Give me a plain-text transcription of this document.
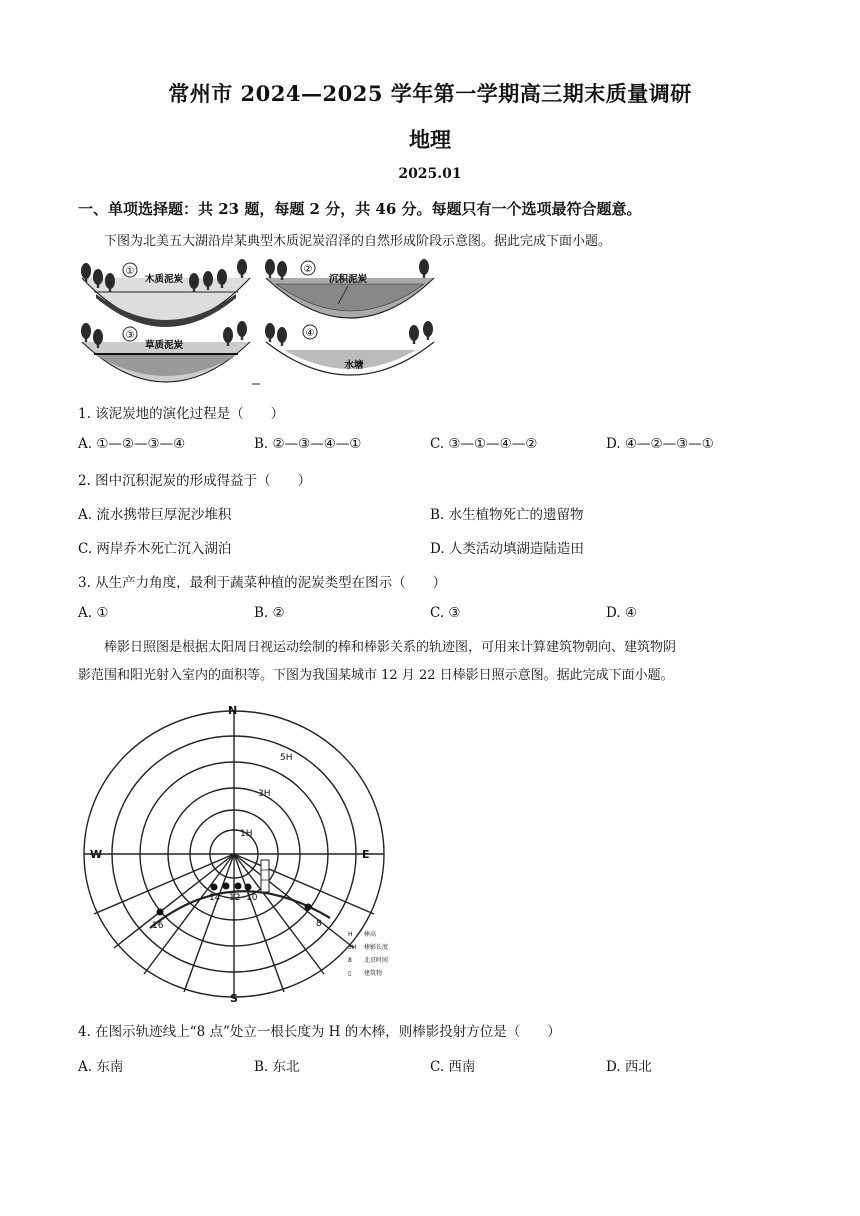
常州市 2024—2025 学年第一学期高三期末质量调研
地理
2025.01
一、单项选择题：共 23 题，每题 2 分，共 46 分。每题只有一个选项最符合题意。
下图为北美五大湖沿岸某典型木质泥炭沼泽的自然形成阶段示意图。据此完成下面小题。
①
木质泥炭
②
沉积泥炭
③
草质泥炭
④
水塘
1. 该泥炭地的演化过程是（　　）
A. ①—②—③—④	B. ②—③—④—①	C. ③—①—④—②	D. ④—②—③—①
2. 图中沉积泥炭的形成得益于（　　）
A. 流水携带巨厚泥沙堆积	B. 水生植物死亡的遗留物
C. 两岸乔木死亡沉入湖泊	D. 人类活动填湖造陆造田
3. 从生产力角度，最利于蔬菜种植的泥炭类型在图示（　　）
A. ①	B. ②	C. ③	D. ④
棒影日照图是根据太阳周日视运动绘制的棒和棒影关系的轨迹图，可用来计算建筑物朝向、建筑物阴
影范围和阳光射入室内的面积等。下图为我国某城市 12 月 22 日棒影日照示意图。据此完成下面小题。
N
S
E
W
1H
3H
5H
16
14 12 10
8
H 棒高
3H 棒影长度
8 北京时间
▯ 建筑物
4. 在图示轨迹线上“8 点”处立一根长度为 H 的木棒，则棒影投射方位是（　　）
A. 东南	B. 东北	C. 西南	D. 西北
